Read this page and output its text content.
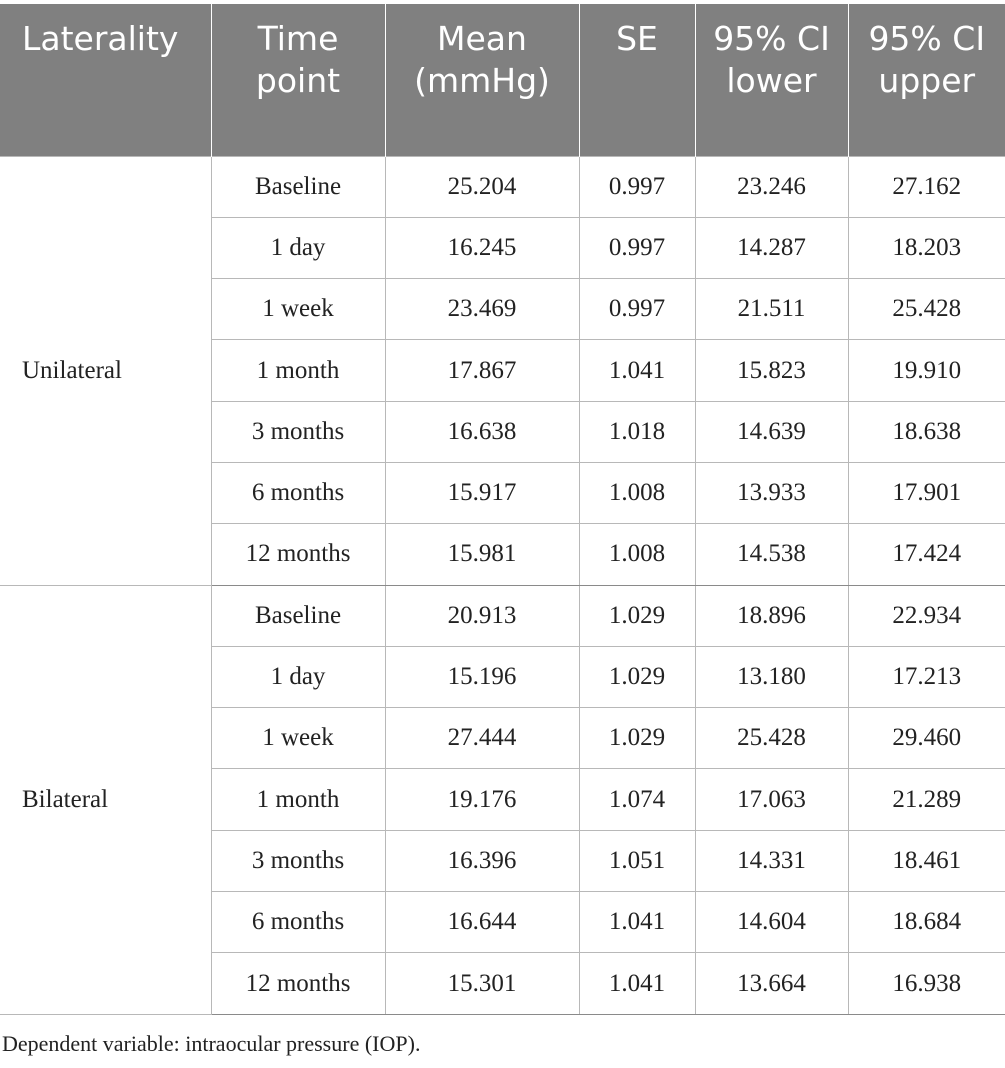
Laterality	Time point	Mean (mmHg)	SE	95% CI lower	95% CI upper
Unilateral	Baseline	25.204	0.997	23.246	27.162
	1 day	16.245	0.997	14.287	18.203
	1 week	23.469	0.997	21.511	25.428
	1 month	17.867	1.041	15.823	19.910
	3 months	16.638	1.018	14.639	18.638
	6 months	15.917	1.008	13.933	17.901
	12 months	15.981	1.008	14.538	17.424
Bilateral	Baseline	20.913	1.029	18.896	22.934
	1 day	15.196	1.029	13.180	17.213
	1 week	27.444	1.029	25.428	29.460
	1 month	19.176	1.074	17.063	21.289
	3 months	16.396	1.051	14.331	18.461
	6 months	16.644	1.041	14.604	18.684
	12 months	15.301	1.041	13.664	16.938

Dependent variable: intraocular pressure (IOP).
